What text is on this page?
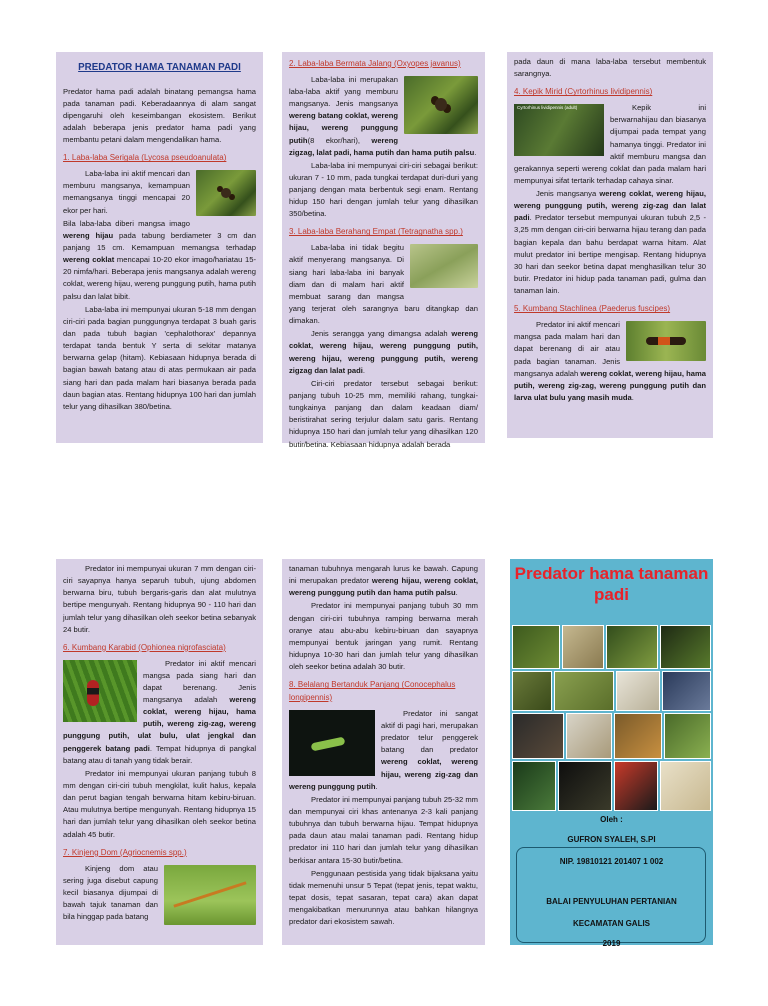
PREDATOR HAMA TANAMAN PADI

Predator hama padi adalah binatang pemangsa hama pada tanaman padi. Keberadaannya di alam sangat dipengaruhi oleh keseimbangan ekosistem. Berikut adalah beberapa jenis predator hama padi yang membantu petani dalam mengendalikan hama.

1. Laba-laba Serigala (Lycosa pseudoanulata)

Laba-laba ini aktif mencari dan memburu mangsanya, kemampuan memangsanya tinggi mencapai 20 ekor per hari.

Bila laba-laba diberi mangsa imago wereng hijau pada tabung berdiameter 3 cm dan panjang 15 cm. Kemampuan memangsa terhadap wereng coklat mencapai 10-20 ekor imago/hariatau 15-20 nimfa/hari. Beberapa jenis mangsanya adalah wereng coklat, wereng hijau, wereng punggung putih, hama putih palsu dan lalat bibit.

Laba-laba ini mempunyai ukuran 5-18 mm dengan ciri-ciri pada bagian punggungnya terdapat 3 buah garis dan pada tubuh bagian 'cephalothorax' depannya terdapat tanda bentuk Y serta di sekitar matanya berwarna gelap (hitam). Kebiasaan hidupnya berada di bagian bawah batang atau di atas permukaan air pada siang hari dan pada malam hari biasanya berada pada daun bagian atas. Rentang hidupnya 100 hari dan jumlah telur yang dihasilkan 380/betina.

2. Laba-laba Bermata Jalang (Oxyopes javanus)

Laba-laba ini merupakan laba-laba aktif yang memburu mangsanya. Jenis mangsanya wereng batang coklat, wereng hijau, wereng punggung putih(8 ekor/hari), wereng zigzag, lalat padi, hama putih dan hama putih palsu.

Laba-laba ini mempunyai ciri-ciri sebagai berikut: ukuran 7 - 10 mm, pada tungkai terdapat duri-duri yang panjang dengan mata berbentuk segi enam. Rentang hidup 150 hari dengan jumlah telur yang dihasilkan 350/betina.

3. Laba-laba Berahang Empat (Tetragnatha spp.)

Laba-laba ini tidak begitu aktif menyerang mangsanya. Di siang hari laba-laba ini banyak diam dan di malam hari aktif membuat sarang dan mangsa yang terjerat oleh sarangnya baru ditangkap dan dimakan.

Jenis serangga yang dimangsa adalah wereng coklat, wereng hijau, wereng punggung putih, wereng hijau, wereng punggung putih, wereng zigzag dan lalat padi.

Ciri-ciri predator tersebut sebagai berikut: panjang tubuh 10-25 mm, memiliki rahang, tungkai-tungkainya panjang dan dalam keadaan diam/ beristirahat sering terjulur dalam satu garis. Rentang hidupnya 150 hari dan jumlah telur yang dihasilkan 120 butir/betina. Kebiasaan hidupnya adalah berada

pada daun di mana laba-laba tersebut membentuk sarangnya.

4. Kepik Mirid (Cyrtorhinus lividipennis)
Cyrtorhinus lividipennis (adult)	Kepik ini berwarnahijau dan biasanya dijumpai pada tempat yang hamanya tinggi. Predator ini aktif memburu mangsa dan gerakannya seperti wereng coklat dan pada malam hari mempunyai sifat tertarik terhadap cahaya sinar.

Jenis mangsanya wereng coklat, wereng hijau, wereng punggung putih, wereng zig-zag dan lalat padi. Predator tersebut mempunyai ukuran tubuh 2,5 - 3,25 mm dengan ciri-ciri berwarna hijau terang dan pada bagian kepala dan bahu berdapat warna hitam. Alat mulut predator ini bertipe mengisap. Rentang hidupnya 30 hari dan seekor betina dapat menghasilkan telur 30 butir. Predator ini hidup pada tanaman padi, gulma dan tanaman lain.

5. Kumbang Stachlinea (Paederus fuscipes)

Predator ini aktif mencari mangsa pada malam hari dan dapat berenang di air atau pada bagian tanaman. Jenis mangsanya adalah wereng coklat, wereng hijau, hama putih, wereng zig-zag, wereng punggung putih dan larva ulat bulu yang masih muda.

Predator ini mempunyai ukuran 7 mm dengan ciri-ciri sayapnya hanya separuh tubuh, ujung abdomen berwarna biru, tubuh bergaris-garis dan alat mulutnya bertipe mengunyah. Rentang hidupnya 90 - 110 hari dan jumlah telur yang dihasilkan oleh seekor betina sebanyak 24 butir.

6. Kumbang Karabid (Ophionea nigrofasciata)

Predator ini aktif mencari mangsa pada siang hari dan dapat berenang. Jenis mangsanya adalah wereng coklat, wereng hijau, hama putih, wereng zig-zag, wereng punggung putih, ulat bulu, ulat jengkal dan penggerek batang padi. Tempat hidupnya di pangkal batang atau di tanah yang tidak berair.

Predator ini mempunyai ukuran panjang tubuh 8 mm dengan ciri-ciri tubuh mengkilat, kulit halus, kepala dan perut bagian tengah berwarna hitam kebiru-biruan. Atau mulutnya bertipe mengunyah. Rentang hidupnya 15 hari dan jumlah telur yang dihasilkan oleh seekor betina adalah 45 butir.

7. Kinjeng Dom (Agriocnemis spp.)

Kinjeng dom atau sering juga disebut capung kecil biasanya dijumpai di bawah tajuk tanaman dan bila hinggap pada batang

tanaman tubuhnya mengarah lurus ke bawah. Capung ini merupakan predator wereng hijau, wereng coklat, wereng punggung putih dan hama putih palsu.

Predator ini mempunyai panjang tubuh 30 mm dengan ciri-ciri tubuhnya ramping berwarna merah oranye atau abu-abu kebiru-biruan dan sayapnya mempunyai bentuk jaringan yang rumit. Rentang hidupnya 10-30 hari dan jumlah telur yang dihasilkan oleh seekor betina adalah 30 butir.

8. Belalang Bertanduk Panjang (Conocephalus longipennis)

Predator ini sangat aktif di pagi hari, merupakan predator telur penggerek batang dan predator wereng coklat, wereng hijau, wereng zig-zag dan wereng punggung putih.

Predator ini mempunyai panjang tubuh 25-32 mm dan mempunyai ciri khas antenanya 2-3 kali panjang tubuhnya dan tubuh berwarna hijau. Tempat hidupnya pada daun atau malai tanaman padi. Rentang hidup predator ini 110 hari dan jumlah telur yang dihasilkan berkisar antara 15-30 butir/betina.

Penggunaan pestisida yang tidak bijaksana yaitu tidak memenuhi unsur 5 Tepat (tepat jenis, tepat waktu, tepat dosis, tepat sasaran, tepat cara) akan dapat mengakibatkan menurunnya atau bahkan hilangnya predator dari ekosistem sawah.

Predator hama tanaman padi
Oleh :
GUFRON SYALEH, S.PI
NIP. 19810121 201407 1 002
BALAI PENYULUHAN PERTANIAN
KECAMATAN GALIS
2019
